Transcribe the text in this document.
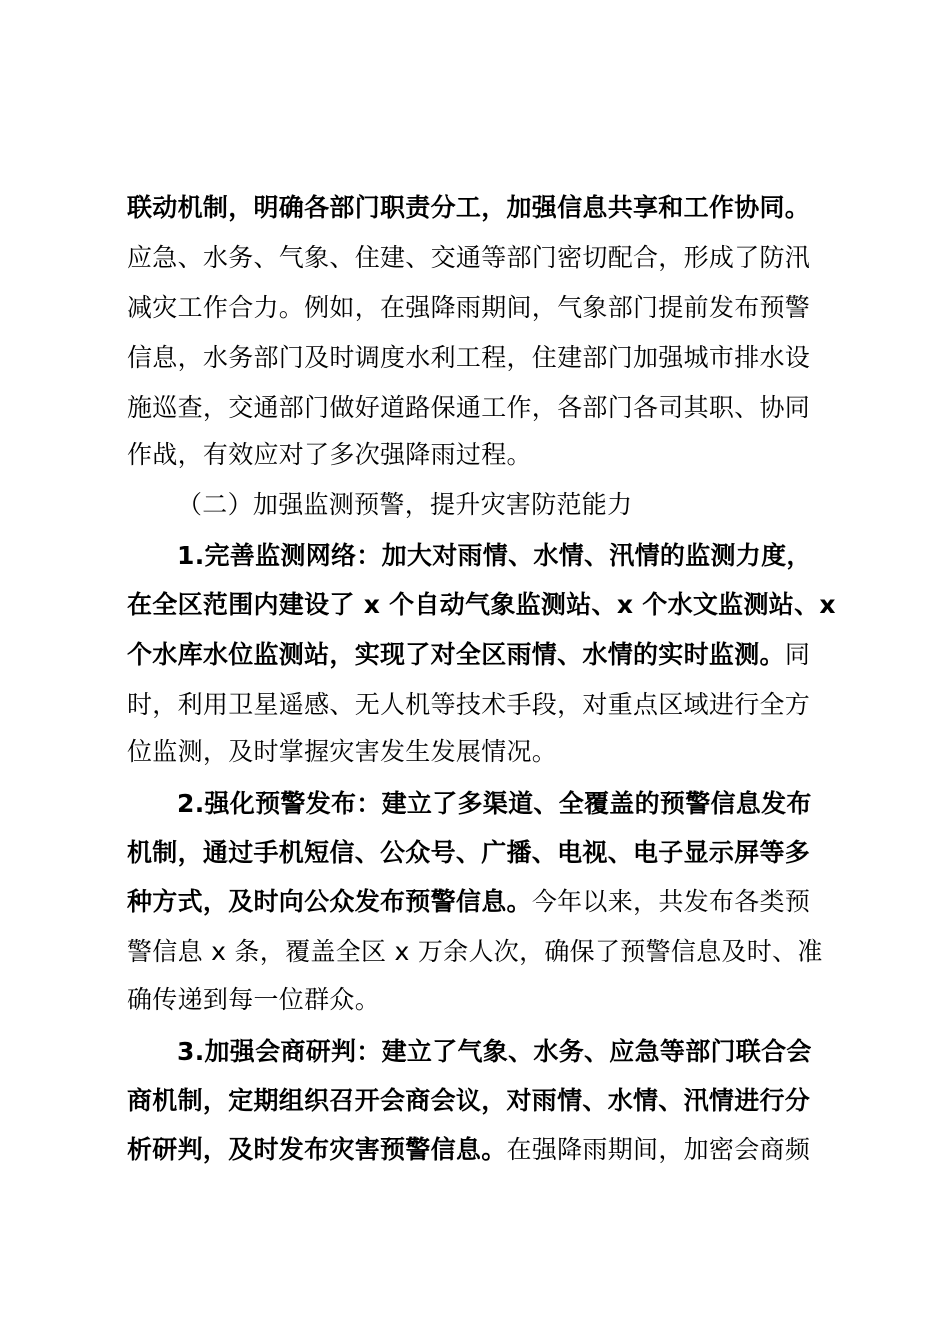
联动机制，明确各部门职责分工，加强信息共享和工作协同。
应急、水务、气象、住建、交通等部门密切配合，形成了防汛
减灾工作合力。例如，在强降雨期间，气象部门提前发布预警
信息，水务部门及时调度水利工程，住建部门加强城市排水设
施巡查，交通部门做好道路保通工作，各部门各司其职、协同
作战，有效应对了多次强降雨过程。
（二）加强监测预警，提升灾害防范能力
1.完善监测网络：加大对雨情、水情、汛情的监测力度，
在全区范围内建设了 x 个自动气象监测站、x 个水文监测站、x
个水库水位监测站，实现了对全区雨情、水情的实时监测。同
时，利用卫星遥感、无人机等技术手段，对重点区域进行全方
位监测，及时掌握灾害发生发展情况。
2.强化预警发布：建立了多渠道、全覆盖的预警信息发布
机制，通过手机短信、公众号、广播、电视、电子显示屏等多
种方式，及时向公众发布预警信息。今年以来，共发布各类预
警信息 x 条，覆盖全区 x 万余人次，确保了预警信息及时、准
确传递到每一位群众。
3.加强会商研判：建立了气象、水务、应急等部门联合会
商机制，定期组织召开会商会议，对雨情、水情、汛情进行分
析研判，及时发布灾害预警信息。在强降雨期间，加密会商频
